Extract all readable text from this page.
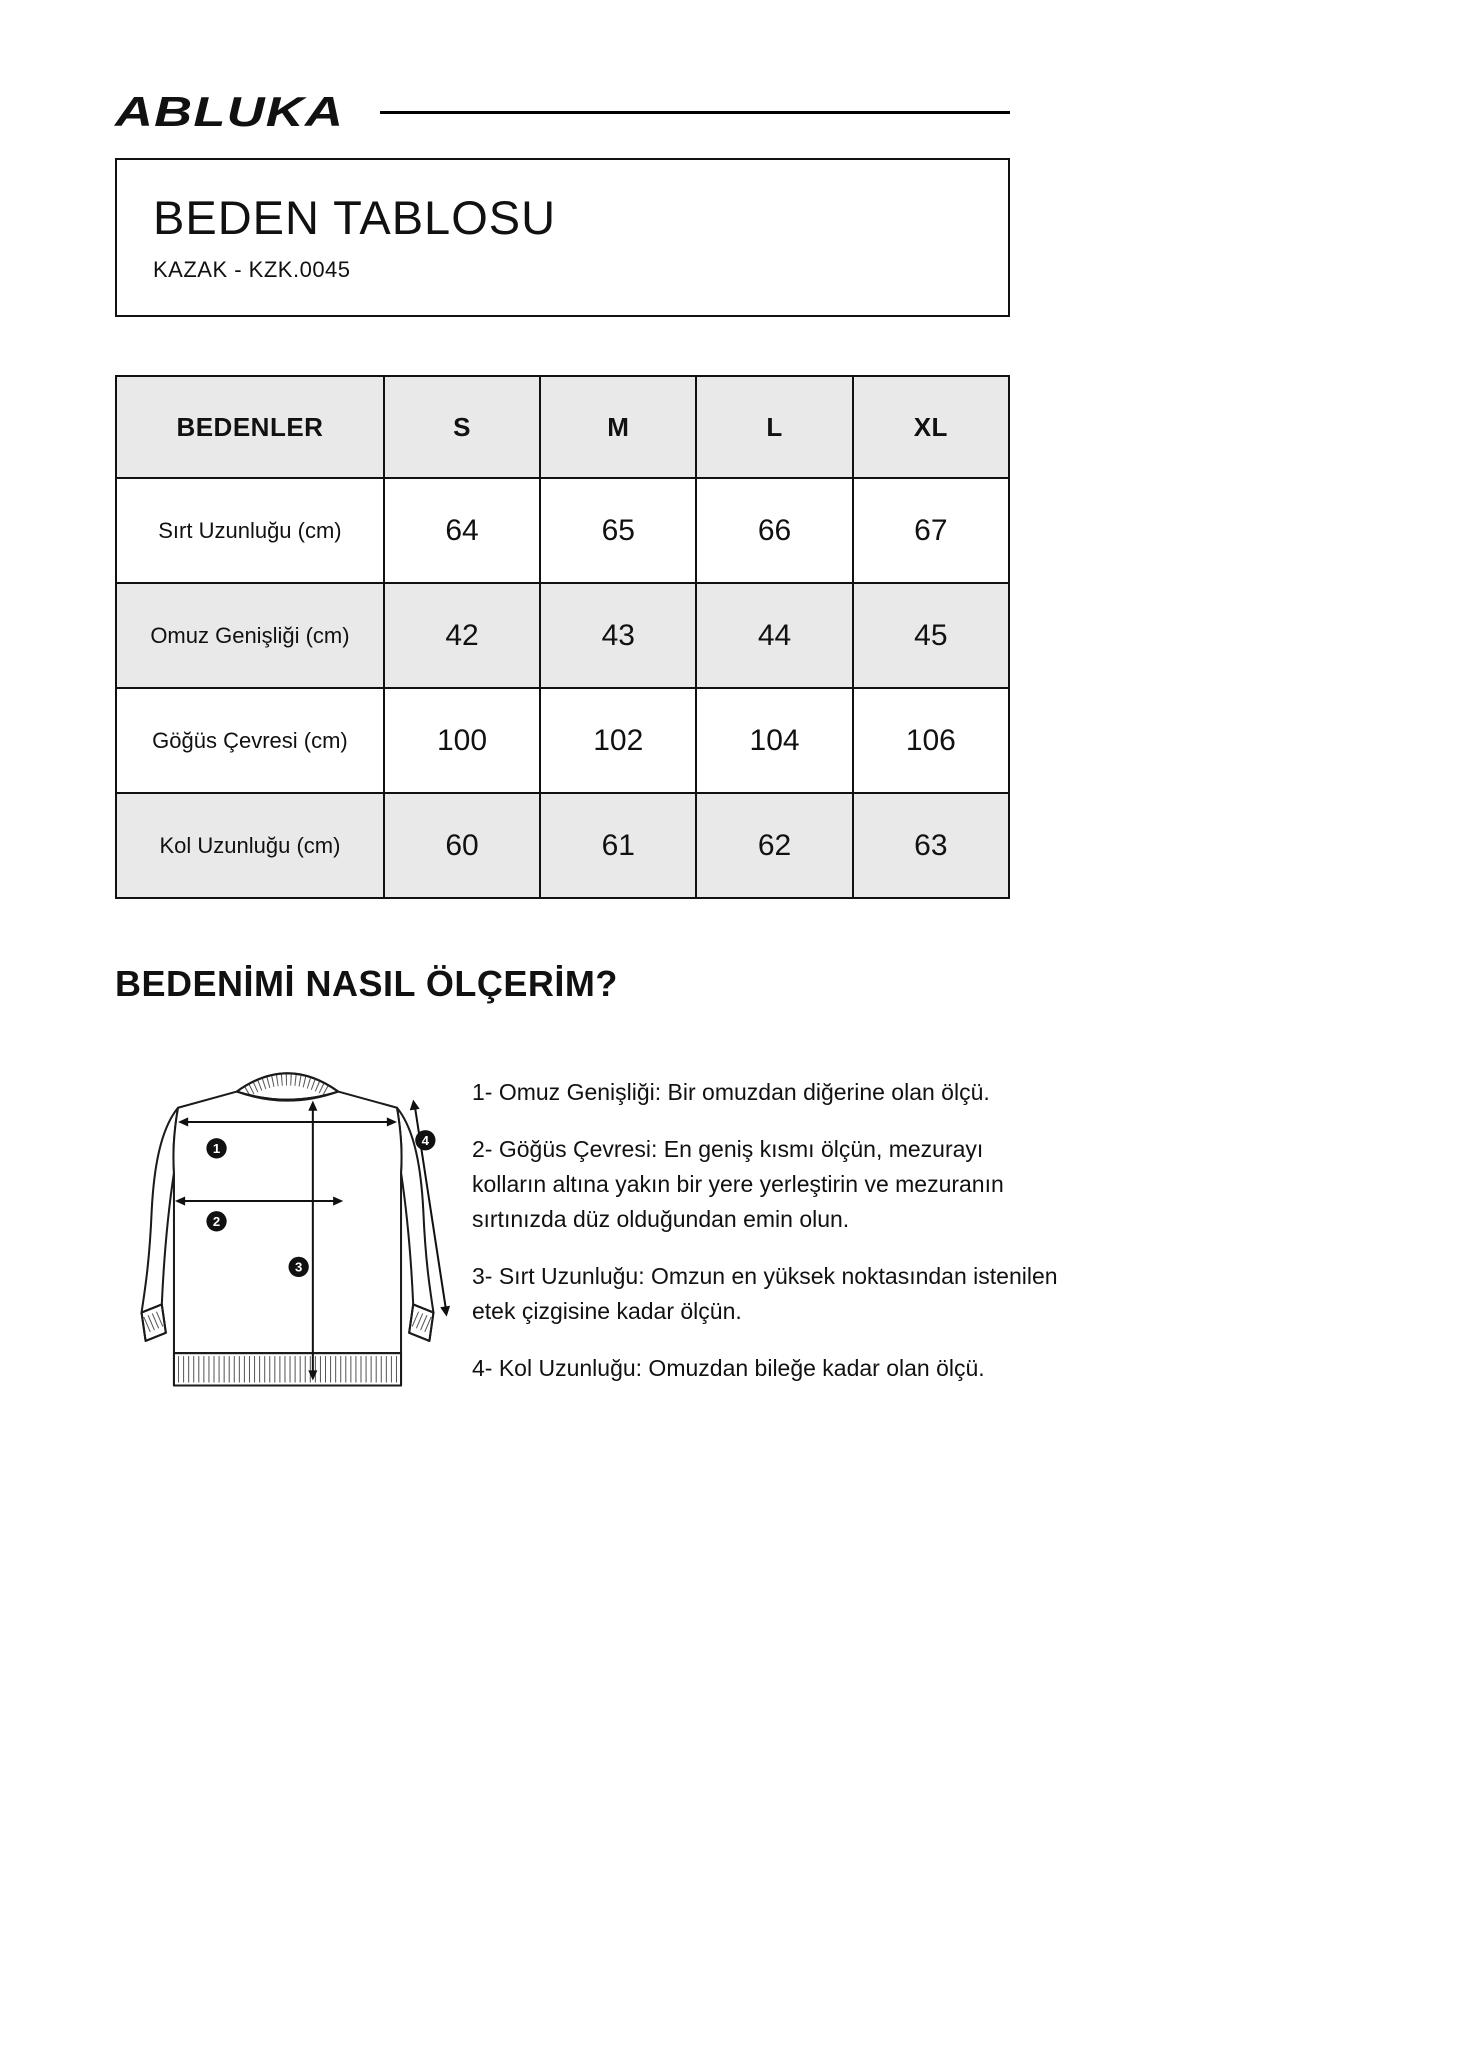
ABLUKA
BEDEN TABLOSU
KAZAK - KZK.0045
BEDENLER	S	M	L	XL
Sırt Uzunluğu (cm)	64	65	66	67
Omuz Genişliği (cm)	42	43	44	45
Göğüs Çevresi (cm)	100	102	104	106
Kol Uzunluğu (cm)	60	61	62	63
BEDENİMİ NASIL ÖLÇERİM?
1
2
3
4

1- Omuz Genişliği: Bir omuzdan diğerine olan ölçü.

2- Göğüs Çevresi: En geniş kısmı ölçün, mezurayı kolların altına yakın bir yere yerleştirin ve mezuranın sırtınızda düz olduğundan emin olun.

3- Sırt Uzunluğu: Omzun en yüksek noktasından istenilen etek çizgisine kadar ölçün.

4- Kol Uzunluğu: Omuzdan bileğe kadar olan ölçü.
